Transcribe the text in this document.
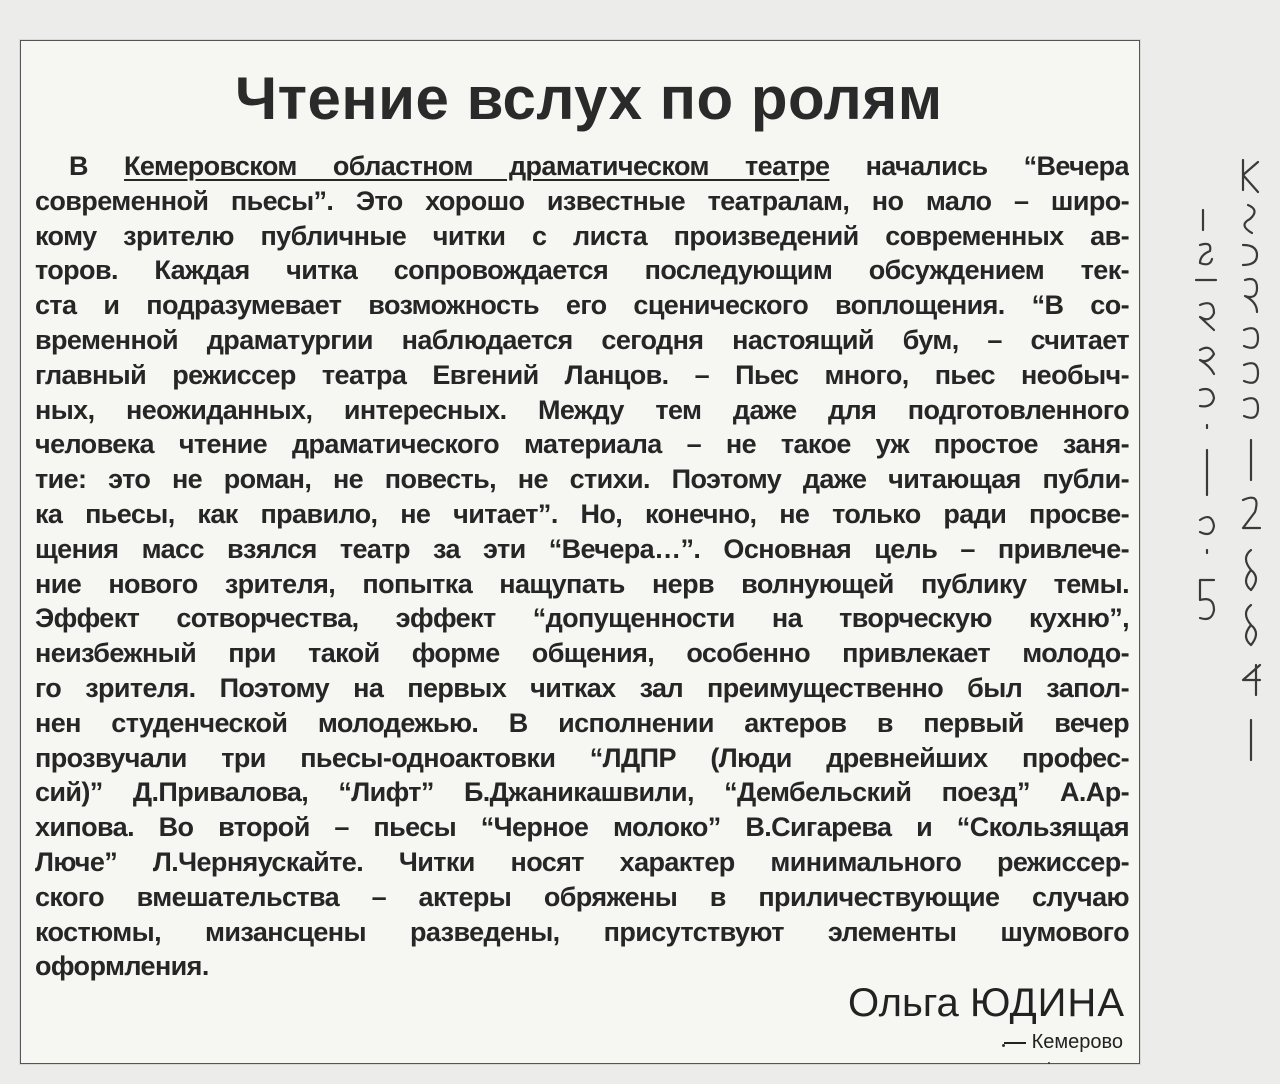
Чтение вслух по ролям
В Кемеровском областном драматическом театре начались “Вечера
современной пьесы”. Это хорошо известные театралам, но мало – широ-
кому зрителю публичные читки с листа произведений современных ав-
торов. Каждая читка сопровождается последующим обсуждением тек-
ста и подразумевает возможность его сценического воплощения. “В со-
временной драматургии наблюдается сегодня настоящий бум, – считает
главный режиссер театра Евгений Ланцов. – Пьес много, пьес необыч-
ных, неожиданных, интересных. Между тем даже для подготовленного
человека чтение драматического материала – не такое уж простое заня-
тие: это не роман, не повесть, не стихи. Поэтому даже читающая публи-
ка пьесы, как правило, не читает”. Но, конечно, не только ради просве-
щения масс взялся театр за эти “Вечера…”. Основная цель – привлече-
ние нового зрителя, попытка нащупать нерв волнующей публику темы.
Эффект сотворчества, эффект “допущенности на творческую кухню”,
неизбежный при такой форме общения, особенно привлекает молодо-
го зрителя. Поэтому на первых читках зал преимущественно был запол-
нен студенческой молодежью. В исполнении актеров в первый вечер
прозвучали три пьесы-одноактовки “ЛДПР (Люди древнейших профес-
сий)” Д.Привалова, “Лифт” Б.Джаникашвили, “Дембельский поезд” А.Ар-
хипова. Во второй – пьесы “Черное молоко” В.Сигарева и “Скользящая
Люче” Л.Черняускайте. Читки носят характер минимального режиссер-
ского вмешательства – актеры обряжены в приличествующие случаю
костюмы, мизансцены разведены, присутствуют элементы шумового
оформления.
Ольга ЮДИНА
Кемерово
